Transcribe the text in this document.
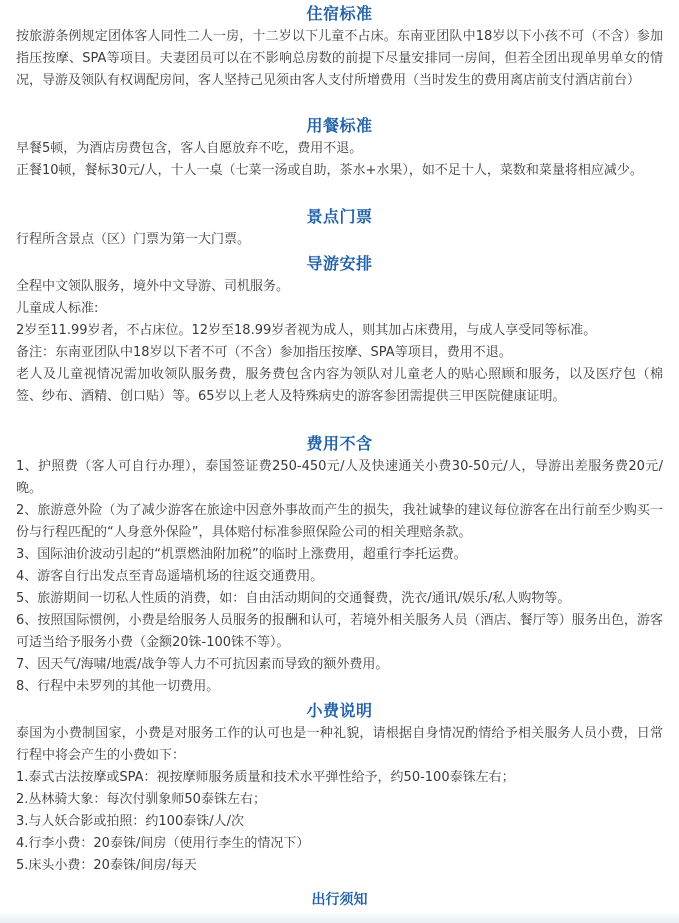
住宿标准

按旅游条例规定团体客人同性二人一房，十二岁以下儿童不占床。东南亚团队中18岁以下小孩不可（不含）参加指压按摩、SPA等项目。夫妻团员可以在不影响总房数的前提下尽量安排同一房间，但若全团出现单男单女的情况，导游及领队有权调配房间，客人坚持己见须由客人支付所增费用（当时发生的费用离店前支付酒店前台）

用餐标准

早餐5顿，为酒店房费包含，客人自愿放弃不吃，费用不退。

正餐10顿，餐标30元/人，十人一桌（七菜一汤或自助，茶水+水果），如不足十人，菜数和菜量将相应减少。

景点门票

行程所含景点（区）门票为第一大门票。

导游安排

全程中文领队服务，境外中文导游、司机服务。

儿童成人标准:

2岁至11.99岁者，不占床位。12岁至18.99岁者视为成人，则其加占床费用，与成人享受同等标准。

备注：东南亚团队中18岁以下者不可（不含）参加指压按摩、SPA等项目，费用不退。

老人及儿童视情况需加收领队服务费，服务费包含内容为领队对儿童老人的贴心照顾和服务，以及医疗包（棉签、纱布、酒精、创口贴）等。65岁以上老人及特殊病史的游客参团需提供三甲医院健康证明。

费用不含

1、护照费（客人可自行办理），泰国签证费250-450元/人及快速通关小费30-50元/人，导游出差服务费20元/晚。

2、旅游意外险（为了减少游客在旅途中因意外事故而产生的损失，我社诚挚的建议每位游客在出行前至少购买一份与行程匹配的“人身意外保险”，具体赔付标准参照保险公司的相关理赔条款。

3、国际油价波动引起的“机票燃油附加税”的临时上涨费用，超重行李托运费。

4、游客自行出发点至青岛遥墙机场的往返交通费用。

5、旅游期间一切私人性质的消费，如：自由活动期间的交通餐费，洗衣/通讯/娱乐/私人购物等。

6、按照国际惯例，小费是给服务人员服务的报酬和认可，若境外相关服务人员（酒店、餐厅等）服务出色，游客可适当给予服务小费（金额20铢-100铢不等）。

7、因天气/海啸/地震/战争等人力不可抗因素而导致的额外费用。

8、行程中未罗列的其他一切费用。

小费说明

泰国为小费制国家，小费是对服务工作的认可也是一种礼貌，请根据自身情况酌情给予相关服务人员小费，日常行程中将会产生的小费如下：

1.泰式古法按摩或SPA：视按摩师服务质量和技术水平弹性给予，约50-100泰铢左右；

2.丛林骑大象：每次付驯象师50泰铢左右；

3.与人妖合影或拍照：约100泰铢/人/次

4.行李小费：20泰铢/间房（使用行李生的情况下）

5.床头小费：20泰铢/间房/每天

出行须知
